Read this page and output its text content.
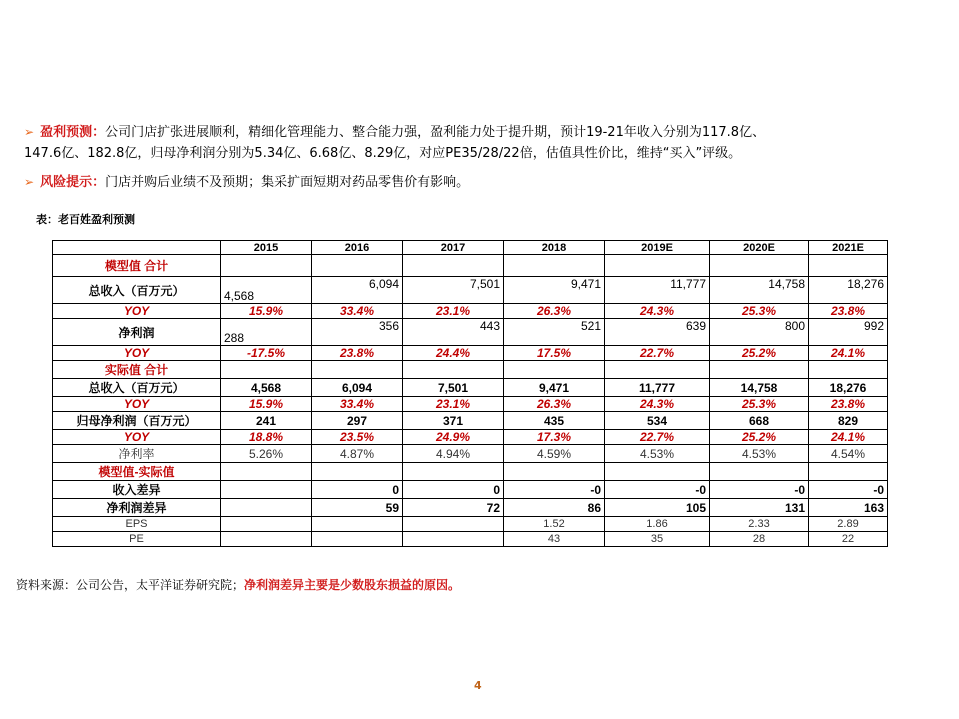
➢ 盈利预测：公司门店扩张进展顺利，精细化管理能力、整合能力强，盈利能力处于提升期，预计19-21年收入分别为117.8亿、
147.6亿、182.8亿，归母净利润分别为5.34亿、6.68亿、8.29亿，对应PE35/28/22倍，估值具性价比，维持“买入”评级。
➢ 风险提示：门店并购后业绩不及预期；集采扩面短期对药品零售价有影响。
表：老百姓盈利预测
	2015	2016	2017	2018	2019E	2020E	2021E
模型值 合计							
总收入（百万元）	4,568	6,094	7,501	9,471	11,777	14,758	18,276
YOY	15.9%	33.4%	23.1%	26.3%	24.3%	25.3%	23.8%
净利润	288	356	443	521	639	800	992
YOY	-17.5%	23.8%	24.4%	17.5%	22.7%	25.2%	24.1%
实际值 合计							
总收入（百万元）	4,568	6,094	7,501	9,471	11,777	14,758	18,276
YOY	15.9%	33.4%	23.1%	26.3%	24.3%	25.3%	23.8%
归母净利润（百万元）	241	297	371	435	534	668	829
YOY	18.8%	23.5%	24.9%	17.3%	22.7%	25.2%	24.1%
净利率	5.26%	4.87%	4.94%	4.59%	4.53%	4.53%	4.54%
模型值-实际值							
收入差异		0	0	-0	-0	-0	-0
净利润差异		59	72	86	105	131	163
EPS				1.52	1.86	2.33	2.89
PE				43	35	28	22
资料来源：公司公告，太平洋证券研究院；净利润差异主要是少数股东损益的原因。
4
